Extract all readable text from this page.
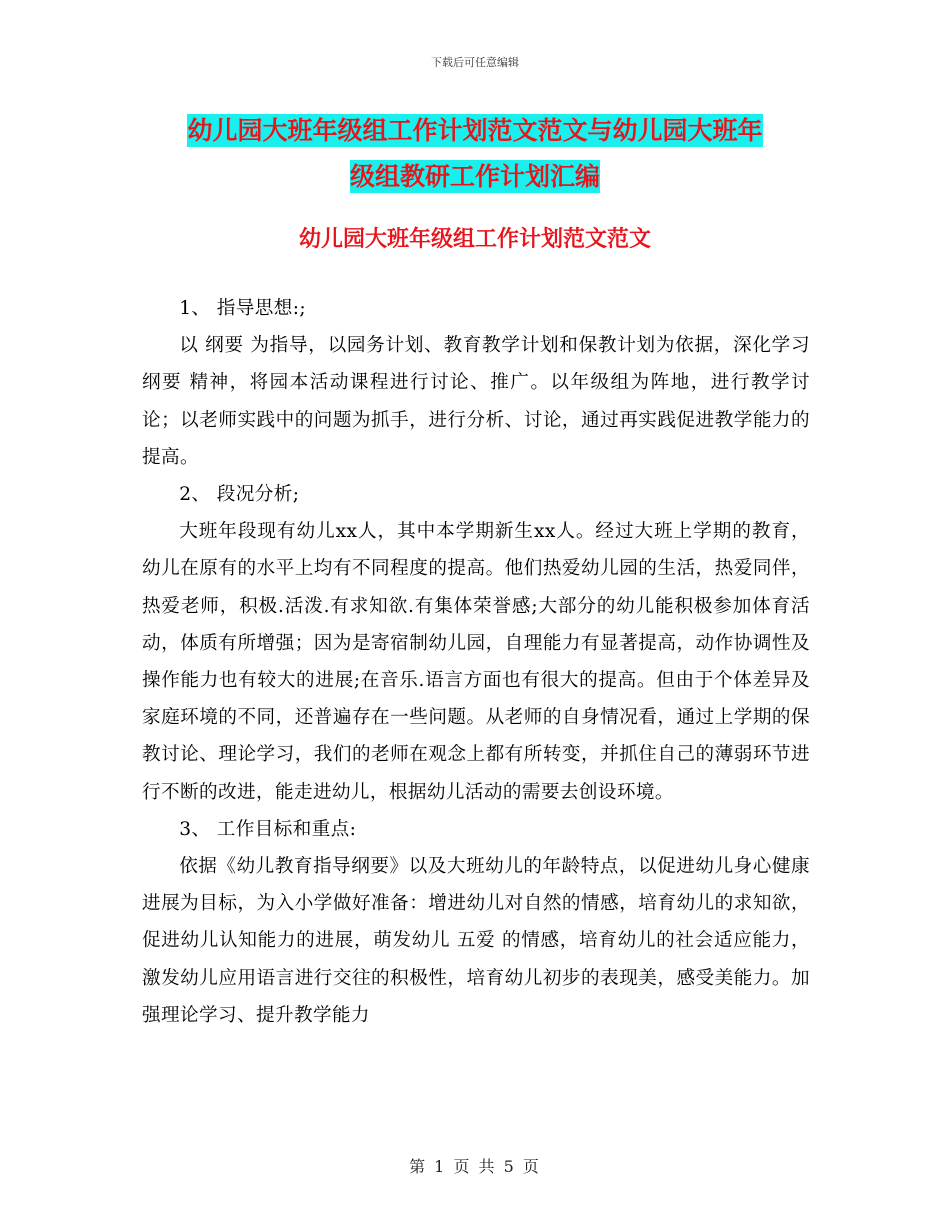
下载后可任意编辑
幼儿园大班年级组工作计划范文范文与幼儿园大班年
级组教研工作计划汇编
幼儿园大班年级组工作计划范文范文

1、 指导思想:;

以 纲要 为指导，以园务计划、教育教学计划和保教计划为依据，深化学习 纲要 精神，将园本活动课程进行讨论、推广。以年级组为阵地，进行教学讨论；以老师实践中的问题为抓手，进行分析、讨论，通过再实践促进教学能力的提高。

2、 段况分析;

大班年段现有幼儿xx人，其中本学期新生xx人。经过大班上学期的教育，幼儿在原有的水平上均有不同程度的提高。他们热爱幼儿园的生活，热爱同伴，热爱老师，积极.活泼.有求知欲.有集体荣誉感;大部分的幼儿能积极参加体育活动，体质有所增强；因为是寄宿制幼儿园，自理能力有显著提高，动作协调性及操作能力也有较大的进展;在音乐.语言方面也有很大的提高。但由于个体差异及家庭环境的不同，还普遍存在一些问题。从老师的自身情况看，通过上学期的保教讨论、理论学习，我们的老师在观念上都有所转变，并抓住自己的薄弱环节进行不断的改进，能走进幼儿，根据幼儿活动的需要去创设环境。

3、 工作目标和重点:

依据《幼儿教育指导纲要》以及大班幼儿的年龄特点，以促进幼儿身心健康进展为目标，为入小学做好准备：增进幼儿对自然的情感，培育幼儿的求知欲，促进幼儿认知能力的进展，萌发幼儿 五爱 的情感，培育幼儿的社会适应能力，激发幼儿应用语言进行交往的积极性，培育幼儿初步的表现美，感受美能力。加强理论学习、提升教学能力

第 1 页 共 5 页
